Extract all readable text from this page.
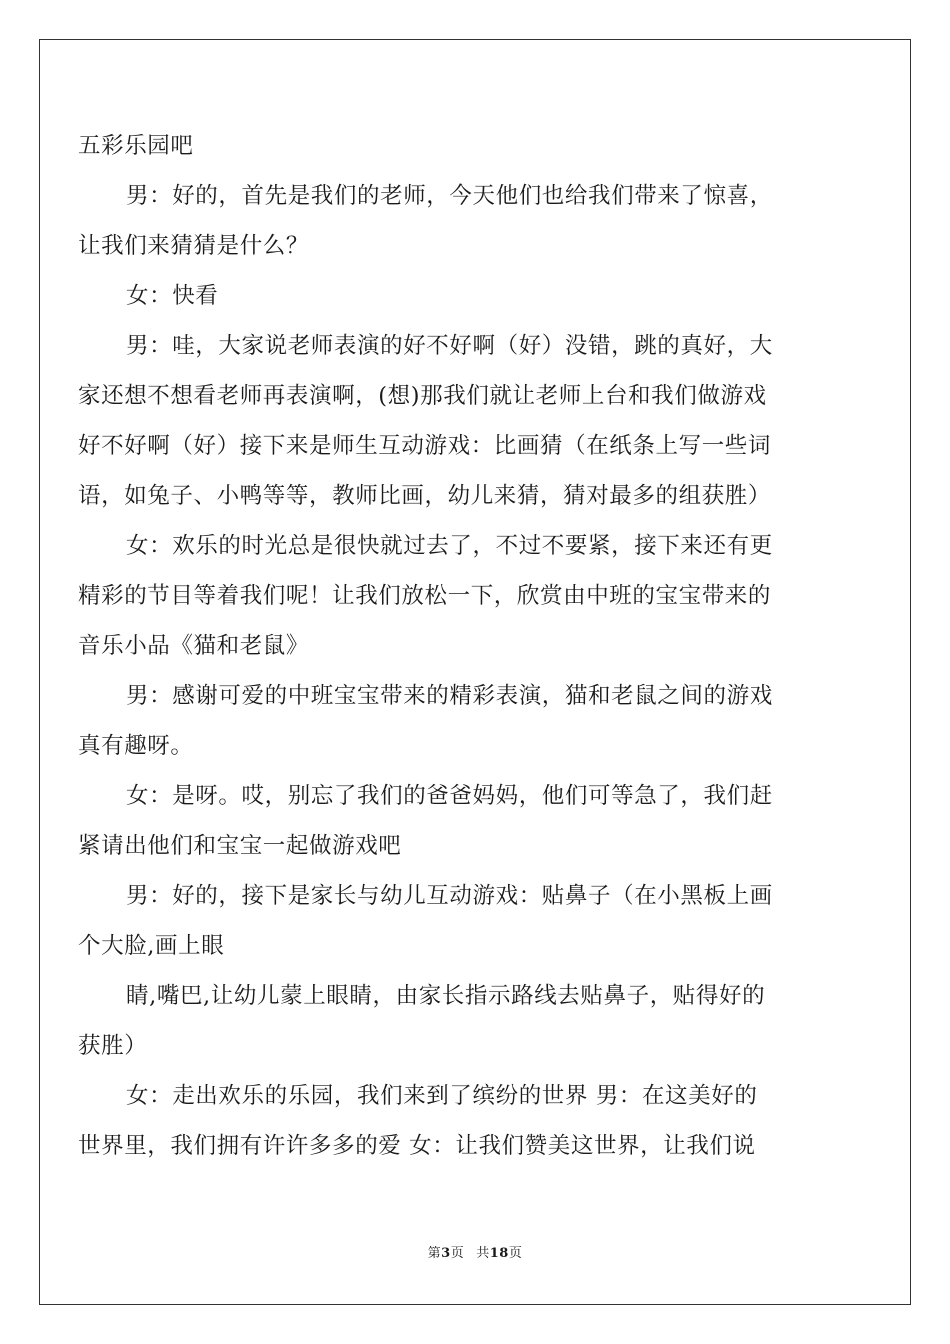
五彩乐园吧
男：好的，首先是我们的老师，今天他们也给我们带来了惊喜，
让我们来猜猜是什么？
女：快看
男：哇，大家说老师表演的好不好啊（好）没错，跳的真好，大
家还想不想看老师再表演啊，(想)那我们就让老师上台和我们做游戏
好不好啊（好）接下来是师生互动游戏：比画猜（在纸条上写一些词
语，如兔子、小鸭等等，教师比画，幼儿来猜，猜对最多的组获胜）
女：欢乐的时光总是很快就过去了，不过不要紧，接下来还有更
精彩的节目等着我们呢！让我们放松一下，欣赏由中班的宝宝带来的
音乐小品《猫和老鼠》
男：感谢可爱的中班宝宝带来的精彩表演，猫和老鼠之间的游戏
真有趣呀。
女：是呀。哎，别忘了我们的爸爸妈妈，他们可等急了，我们赶
紧请出他们和宝宝一起做游戏吧
男：好的，接下是家长与幼儿互动游戏：贴鼻子（在小黑板上画
个大脸,画上眼
睛,嘴巴,让幼儿蒙上眼睛，由家长指示路线去贴鼻子，贴得好的
获胜）
女：走出欢乐的乐园，我们来到了缤纷的世界 男：在这美好的
世界里，我们拥有许许多多的爱 女：让我们赞美这世界，让我们说
第3页 共18页
